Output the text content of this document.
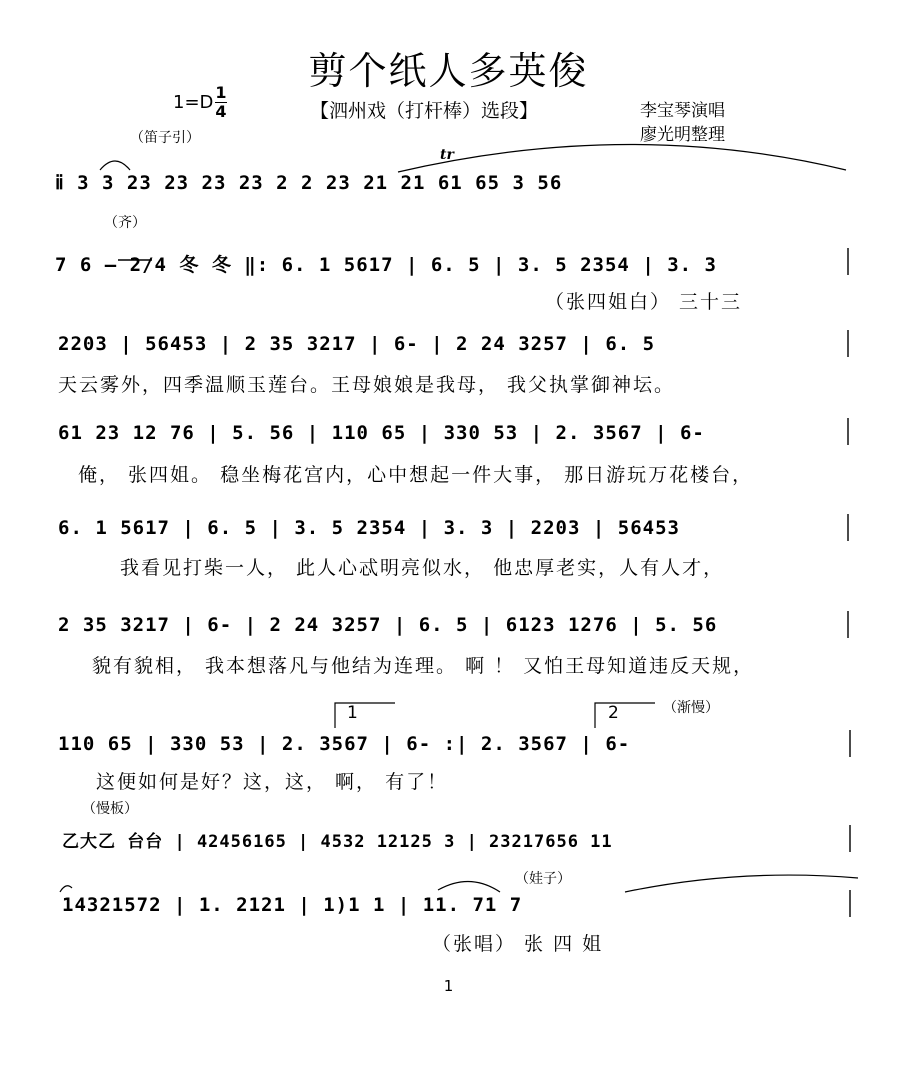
剪个纸人多英俊
1=D 1
4	【泗州戏（打杆棒）选段】	李宝琴演唱
廖光明整理
（笛子引）
（齐）
（渐慢）
（慢板）
（娃子）
tr
ⅱ 3 3 23 23 23 23 2 2 23 21 21 61 65 3 56
7 6 — 2/4 冬 冬 ‖: 6. 1 5617 | 6. 5 | 3. 5 2354 | 3. 3
（张四姐白） 三十三
2203 | 56453 | 2 35 3217 | 6- | 2 24 3257 | 6. 5
天云雾外，四季温顺玉莲台。王母娘娘是我母， 我父执掌御神坛。
61 23 12 76 | 5. 56 | 110 65 | 330 53 | 2. 3567 | 6-
俺， 张四姐。 稳坐梅花宫内，心中想起一件大事， 那日游玩万花楼台，
6. 1 5617 | 6. 5 | 3. 5 2354 | 3. 3 | 2203 | 56453
我看见打柴一人， 此人心忒明亮似水， 他忠厚老实，人有人才，
2 35 3217 | 6- | 2 24 3257 | 6. 5 | 6123 1276 | 5. 56
貌有貌相， 我本想落凡与他结为连理。 啊 ！ 又怕王母知道违反天规，
110 65 | 330 53 | 2. 3567 | 6- :| 2. 3567 | 6-
这便如何是好？这，这， 啊， 有了！
1	2
乙大乙 台台 | 42456165 | 4532 12125 3 | 23217656 11
14321572 | 1. 2121 | 1)1 1 | 11. 71 7
（张唱） 张 四 姐
1
